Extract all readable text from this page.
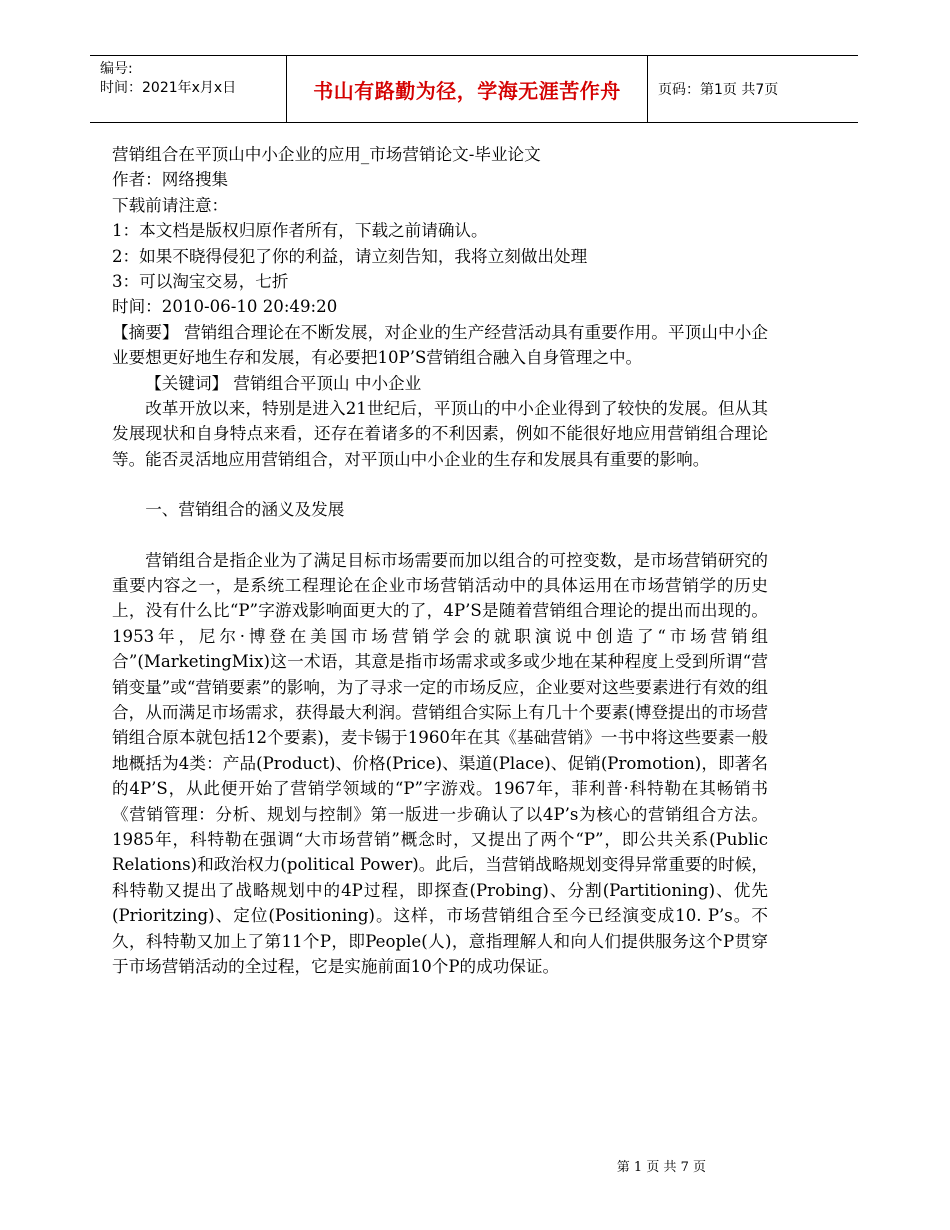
编号:
时间：2021年x月x日	书山有路勤为径，学海无涯苦作舟	页码：第1页 共7页
营销组合在平顶山中小企业的应用_市场营销论文-毕业论文
作者：网络搜集
下载前请注意：
1：本文档是版权归原作者所有，下载之前请确认。
2：如果不晓得侵犯了你的利益，请立刻告知，我将立刻做出处理
3：可以淘宝交易，七折
时间：2010-06-10 20:49:20

【摘要】 营销组合理论在不断发展，对企业的生产经营活动具有重要作用。平顶山中小企业要想更好地生存和发展，有必要把10P’S营销组合融入自身管理之中。

【关键词】 营销组合平顶山 中小企业

改革开放以来，特别是进入21世纪后，平顶山的中小企业得到了较快的发展。但从其发展现状和自身特点来看，还存在着诸多的不利因素，例如不能很好地应用营销组合理论等。能否灵活地应用营销组合，对平顶山中小企业的生存和发展具有重要的影响。

一、营销组合的涵义及发展

营销组合是指企业为了满足目标市场需要而加以组合的可控变数，是市场营销研究的重要内容之一，是系统工程理论在企业市场营销活动中的具体运用在市场营销学的历史上，没有什么比“P”字游戏影响面更大的了，4P’S是随着营销组合理论的提出而出现的。1953年，尼尔·博登在美国市场营销学会的就职演说中创造了“市场营销组合”(MarketingMix)这一术语，其意是指市场需求或多或少地在某种程度上受到所谓“营销变量”或“营销要素”的影响，为了寻求一定的市场反应，企业要对这些要素进行有效的组合，从而满足市场需求，获得最大利润。营销组合实际上有几十个要素(博登提出的市场营销组合原本就包括12个要素)，麦卡锡于1960年在其《基础营销》一书中将这些要素一般地概括为4类：产品(Product)、价格(Price)、渠道(Place)、促销(Promotion)，即著名的4P’S，从此便开始了营销学领域的“P”字游戏。1967年，菲利普·科特勒在其畅销书《营销管理：分析、规划与控制》第一版进一步确认了以4P’s为核心的营销组合方法。1985年，科特勒在强调“大市场营销”概念时，又提出了两个“P”，即公共关系(Public Relations)和政治权力(political Power)。此后，当营销战略规划变得异常重要的时候，科特勒又提出了战略规划中的4P过程，即探查(Probing)、分割(Partitioning)、优先(Prioritzing)、定位(Positioning)。这样，市场营销组合至今已经演变成10. P’s。不久，科特勒又加上了第11个P，即People(人)，意指理解人和向人们提供服务这个P贯穿于市场营销活动的全过程，它是实施前面10个P的成功保证。

第 1 页 共 7 页
